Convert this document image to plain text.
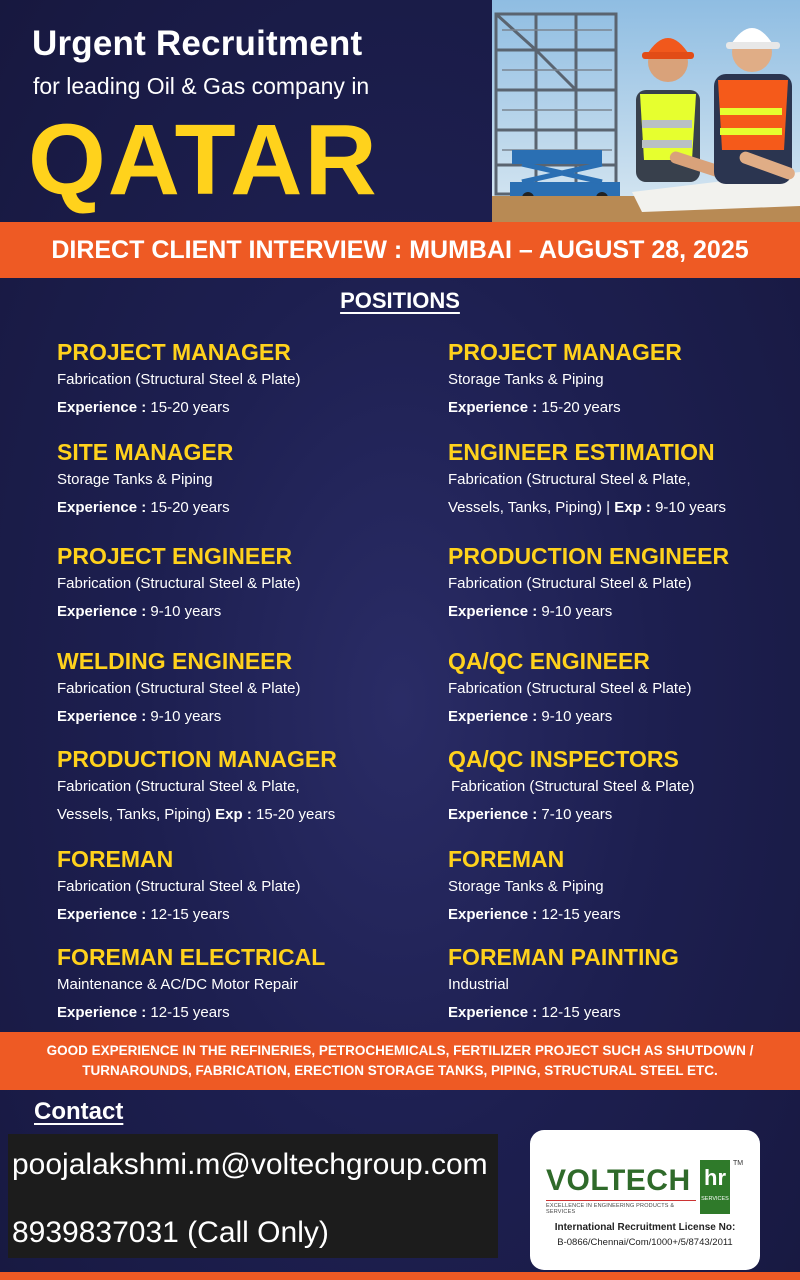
Urgent Recruitment
for leading Oil & Gas company in
QATAR
DIRECT CLIENT INTERVIEW : MUMBAI – AUGUST 28, 2025
POSITIONS
PROJECT MANAGER
Fabrication (Structural Steel & Plate)
Experience : 15-20 years
SITE MANAGER
Storage Tanks & Piping
Experience : 15-20 years
PROJECT ENGINEER
Fabrication (Structural Steel & Plate)
Experience : 9-10 years
WELDING ENGINEER
Fabrication (Structural Steel & Plate)
Experience : 9-10 years
PRODUCTION MANAGER
Fabrication (Structural Steel & Plate,
Vessels, Tanks, Piping) Exp : 15-20 years
FOREMAN
Fabrication (Structural Steel & Plate)
Experience : 12-15 years
FOREMAN ELECTRICAL
Maintenance & AC/DC Motor Repair
Experience : 12-15 years
PROJECT MANAGER
Storage Tanks & Piping
Experience : 15-20 years
ENGINEER ESTIMATION
Fabrication (Structural Steel & Plate,
Vessels, Tanks, Piping) | Exp : 9-10 years
PRODUCTION ENGINEER
Fabrication (Structural Steel & Plate)
Experience : 9-10 years
QA/QC ENGINEER
Fabrication (Structural Steel & Plate)
Experience : 9-10 years
QA/QC INSPECTORS
Fabrication (Structural Steel & Plate)
Experience : 7-10 years
FOREMAN
Storage Tanks & Piping
Experience : 12-15 years
FOREMAN PAINTING
Industrial
Experience : 12-15 years
GOOD EXPERIENCE IN THE REFINERIES, PETROCHEMICALS, FERTILIZER PROJECT SUCH AS SHUTDOWN / TURNAROUNDS, FABRICATION, ERECTION STORAGE TANKS, PIPING, STRUCTURAL STEEL ETC.
Contact
poojalakshmi.m@voltechgroup.com
8939837031 (Call Only)
VOLTECH
EXCELLENCE IN ENGINEERING PRODUCTS & SERVICES
hr
SERVICES
TM
International Recruitment License No:
B-0866/Chennai/Com/1000+/5/8743/2011
